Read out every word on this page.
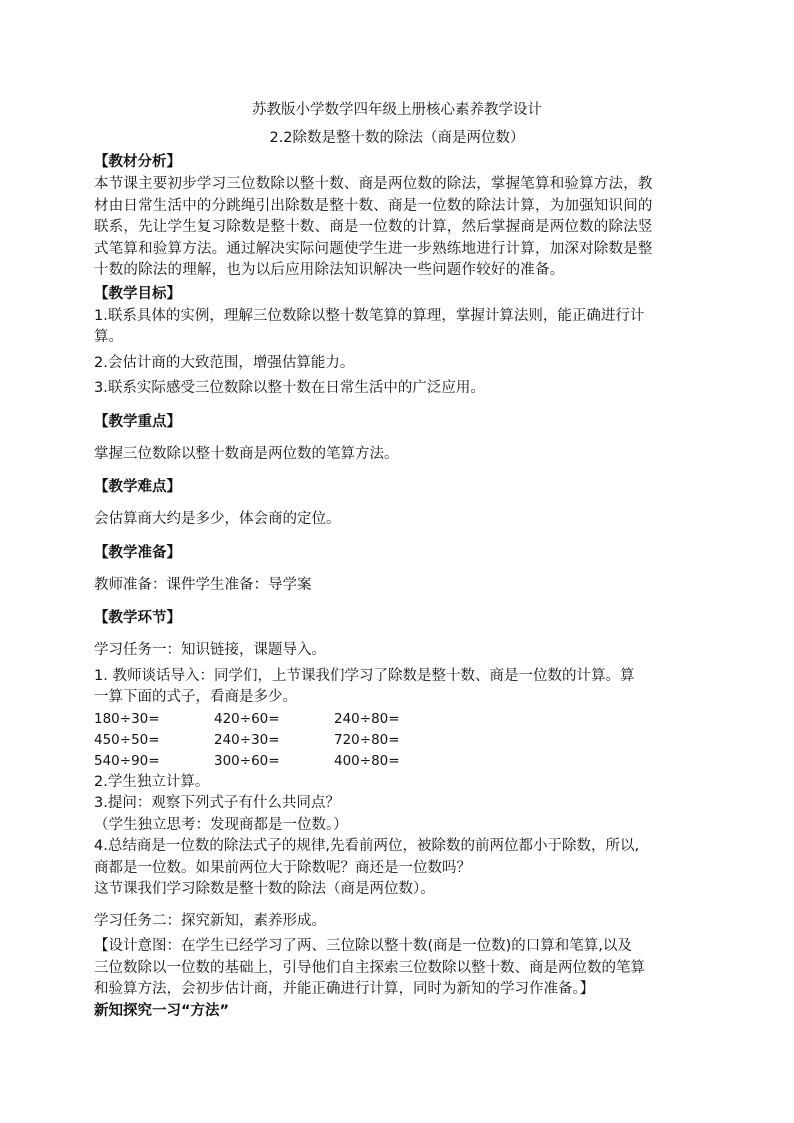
苏教版小学数学四年级上册核心素养教学设计
2.2除数是整十数的除法（商是两位数）
【教材分析】
本节课主要初步学习三位数除以整十数、商是两位数的除法，掌握笔算和验算方法，教
材由日常生活中的分跳绳引出除数是整十数、商是一位数的除法计算，为加强知识间的
联系，先让学生复习除数是整十数、商是一位数的计算，然后掌握商是两位数的除法竖
式笔算和验算方法。通过解决实际问题使学生进一步熟练地进行计算，加深对除数是整
十数的除法的理解，也为以后应用除法知识解决一些问题作较好的准备。
【教学目标】
1.联系具体的实例，理解三位数除以整十数笔算的算理，掌握计算法则，能正确进行计
算。
2.会估计商的大致范围，增强估算能力。
3.联系实际感受三位数除以整十数在日常生活中的广泛应用。
【教学重点】
掌握三位数除以整十数商是两位数的笔算方法。
【教学难点】
会估算商大约是多少，体会商的定位。
【教学准备】
教师准备：课件学生准备：导学案
【教学环节】
学习任务一：知识链接，课题导入。
1. 教师谈话导入：同学们，上节课我们学习了除数是整十数、商是一位数的计算。算
一算下面的式子，看商是多少。
180÷30=	420÷60=	240÷80=
450÷50=	240÷30=	720÷80=
540÷90=	300÷60=	400÷80=
2.学生独立计算。
3.提问：观察下列式子有什么共同点？
（学生独立思考：发现商都是一位数。）
4.总结商是一位数的除法式子的规律,先看前两位，被除数的前两位都小于除数，所以,
商都是一位数。如果前两位大于除数呢？商还是一位数吗？
这节课我们学习除数是整十数的除法（商是两位数）。
学习任务二：探究新知，素养形成。
【设计意图：在学生已经学习了两、三位除以整十数(商是一位数)的口算和笔算,以及
三位数除以一位数的基础上，引导他们自主探索三位数除以整十数、商是两位数的笔算
和验算方法，会初步估计商，并能正确进行计算，同时为新知的学习作准备。】
新知探究一习“方法”
